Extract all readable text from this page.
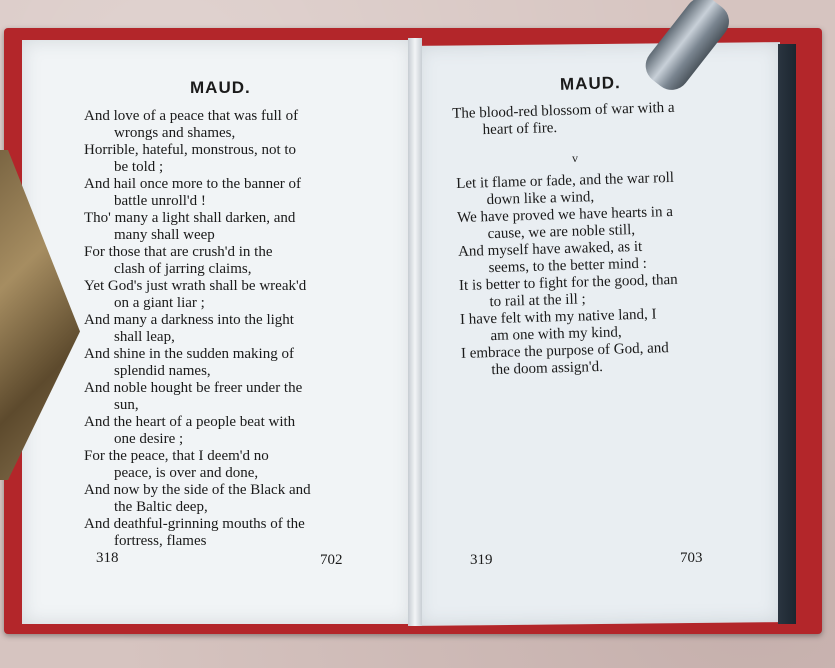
MAUD.
And love of a peace that was full of
wrongs and shames,
Horrible, hateful, monstrous, not to
be told ;
And hail once more to the banner of
battle unroll'd !
Tho' many a light shall darken, and
many shall weep
For those that are crush'd in the
clash of jarring claims,
Yet God's just wrath shall be wreak'd
on a giant liar ;
And many a darkness into the light
shall leap,
And shine in the sudden making of
splendid names,
And noble hought be freer under the
sun,
And the heart of a people beat with
one desire ;
For the peace, that I deem'd no
peace, is over and done,
And now by the side of the Black and
the Baltic deep,
And deathful-grinning mouths of the
fortress, flames
318	702
MAUD.
The blood-red blossom of war with a
heart of fire.
v
Let it flame or fade, and the war roll
down like a wind,
We have proved we have hearts in a
cause, we are noble still,
And myself have awaked, as it
seems, to the better mind :
It is better to fight for the good, than
to rail at the ill ;
I have felt with my native land, I
am one with my kind,
I embrace the purpose of God, and
the doom assign'd.
319	703
